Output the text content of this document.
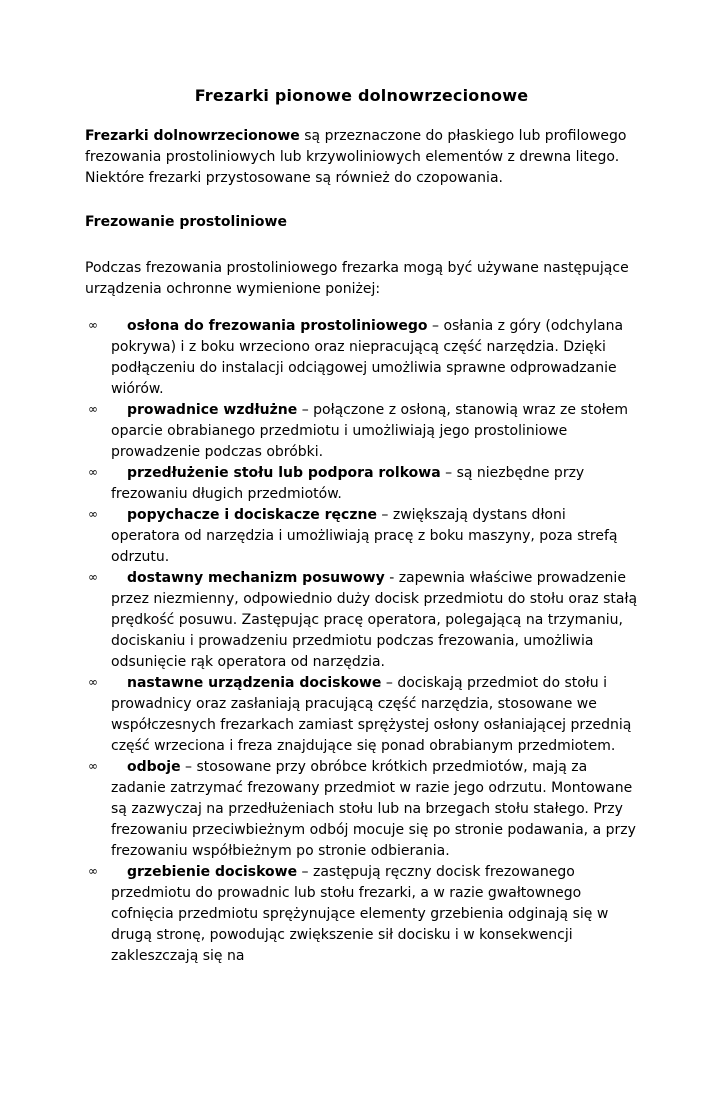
Frezarki pionowe dolnowrzecionowe

Frezarki dolnowrzecionowe są przeznaczone do płaskiego lub profilowego frezowania prostoliniowych lub krzywoliniowych elementów z drewna litego. Niektóre frezarki przystosowane są również do czopowania.

Frezowanie prostoliniowe

Podczas frezowania prostoliniowego frezarka mogą być używane następujące urządzenia ochronne wymienione poniżej:

∞ osłona do frezowania prostoliniowego – osłania z góry (odchylana pokrywa) i z boku wrzeciono oraz niepracującą część narzędzia. Dzięki podłączeniu do instalacji odciągowej umożliwia sprawne odprowadzanie wiórów.
∞ prowadnice wzdłużne – połączone z osłoną, stanowią wraz ze stołem oparcie obrabianego przedmiotu i umożliwiają jego prostoliniowe prowadzenie podczas obróbki.
∞ przedłużenie stołu lub podpora rolkowa – są niezbędne przy frezowaniu długich przedmiotów.
∞ popychacze i dociskacze ręczne – zwiększają dystans dłoni operatora od narzędzia i umożliwiają pracę z boku maszyny, poza strefą odrzutu.
∞ dostawny mechanizm posuwowy - zapewnia właściwe prowadzenie przez niezmienny, odpowiednio duży docisk przedmiotu do stołu oraz stałą prędkość posuwu. Zastępując pracę operatora, polegającą na trzymaniu, dociskaniu i prowadzeniu przedmiotu podczas frezowania, umożliwia odsunięcie rąk operatora od narzędzia.
∞ nastawne urządzenia dociskowe – dociskają przedmiot do stołu i prowadnicy oraz zasłaniają pracującą część narzędzia, stosowane we współczesnych frezarkach zamiast sprężystej osłony osłaniającej przednią część wrzeciona i freza znajdujące się ponad obrabianym przedmiotem.
∞ odboje – stosowane przy obróbce krótkich przedmiotów, mają za zadanie zatrzymać frezowany przedmiot w razie jego odrzutu. Montowane są zazwyczaj na przedłużeniach stołu lub na brzegach stołu stałego. Przy frezowaniu przeciwbieżnym odbój mocuje się po stronie podawania, a przy frezowaniu współbieżnym po stronie odbierania.
∞ grzebienie dociskowe – zastępują ręczny docisk frezowanego przedmiotu do prowadnic lub stołu frezarki, a w razie gwałtownego cofnięcia przedmiotu sprężynujące elementy grzebienia odginają się w drugą stronę, powodując zwiększenie sił docisku i w konsekwencji zakleszczają się na
